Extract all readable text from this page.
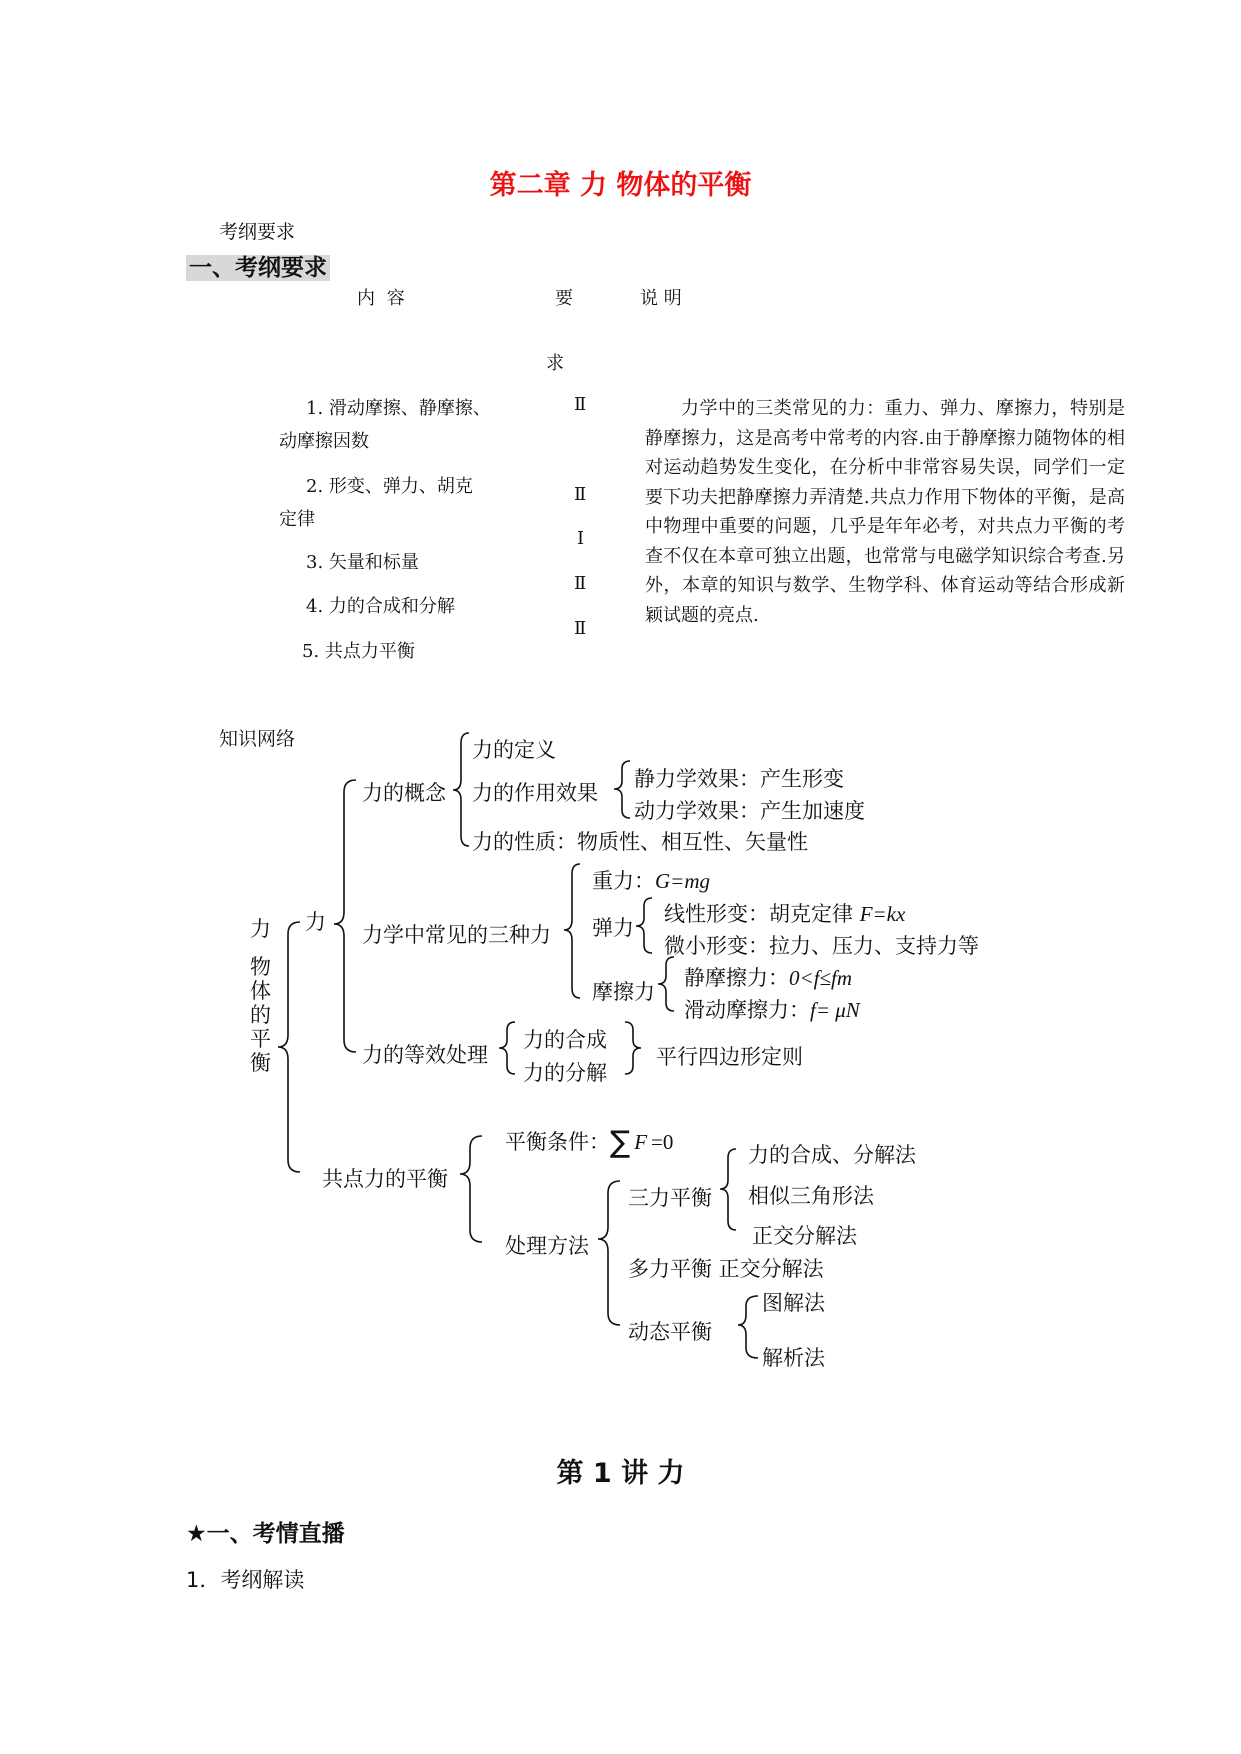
第二章 力 物体的平衡
考纲要求
一、考纲要求
内 容	要	说 明
求
1. 滑动摩擦、静摩擦、
动摩擦因数
2. 形变、弹力、胡克
定律
3. 矢量和标量
4. 力的合成和分解
5. 共点力平衡
Ⅱ
Ⅱ
Ⅰ
Ⅱ
Ⅱ
力学中的三类常见的力：重力、弹力、摩擦力，特别是静摩擦力，这是高考中常考的内容.由于静摩擦力随物体的相对运动趋势发生变化，在分析中非常容易失误，同学们一定要下功夫把静摩擦力弄清楚.共点力作用下物体的平衡，是高中物理中重要的问题，几乎是年年必考，对共点力平衡的考查不仅在本章可独立出题，也常常与电磁学知识综合考查.另外，本章的知识与数学、生物学科、体育运动等结合形成新颖试题的亮点.
知识网络
力
物体的平衡
力
力的概念
力的定义
力的作用效果
静力学效果：产生形变
动力学效果：产生加速度
力的性质：物质性、相互性、矢量性
力学中常见的三种力
重力：G=mg
弹力
线性形变：胡克定律 F=kx
微小形变：拉力、压力、支持力等
摩擦力
静摩擦力：0<f≤fm
滑动摩擦力：f= μN
力的等效处理
力的合成
力的分解
平行四边形定则
共点力的平衡
平衡条件：∑ F =0
处理方法
三力平衡
力的合成、分解法
相似三角形法
正交分解法
多力平衡 正交分解法
动态平衡
图解法
解析法
第 1 讲 力
★一、考情直播
1．考纲解读
